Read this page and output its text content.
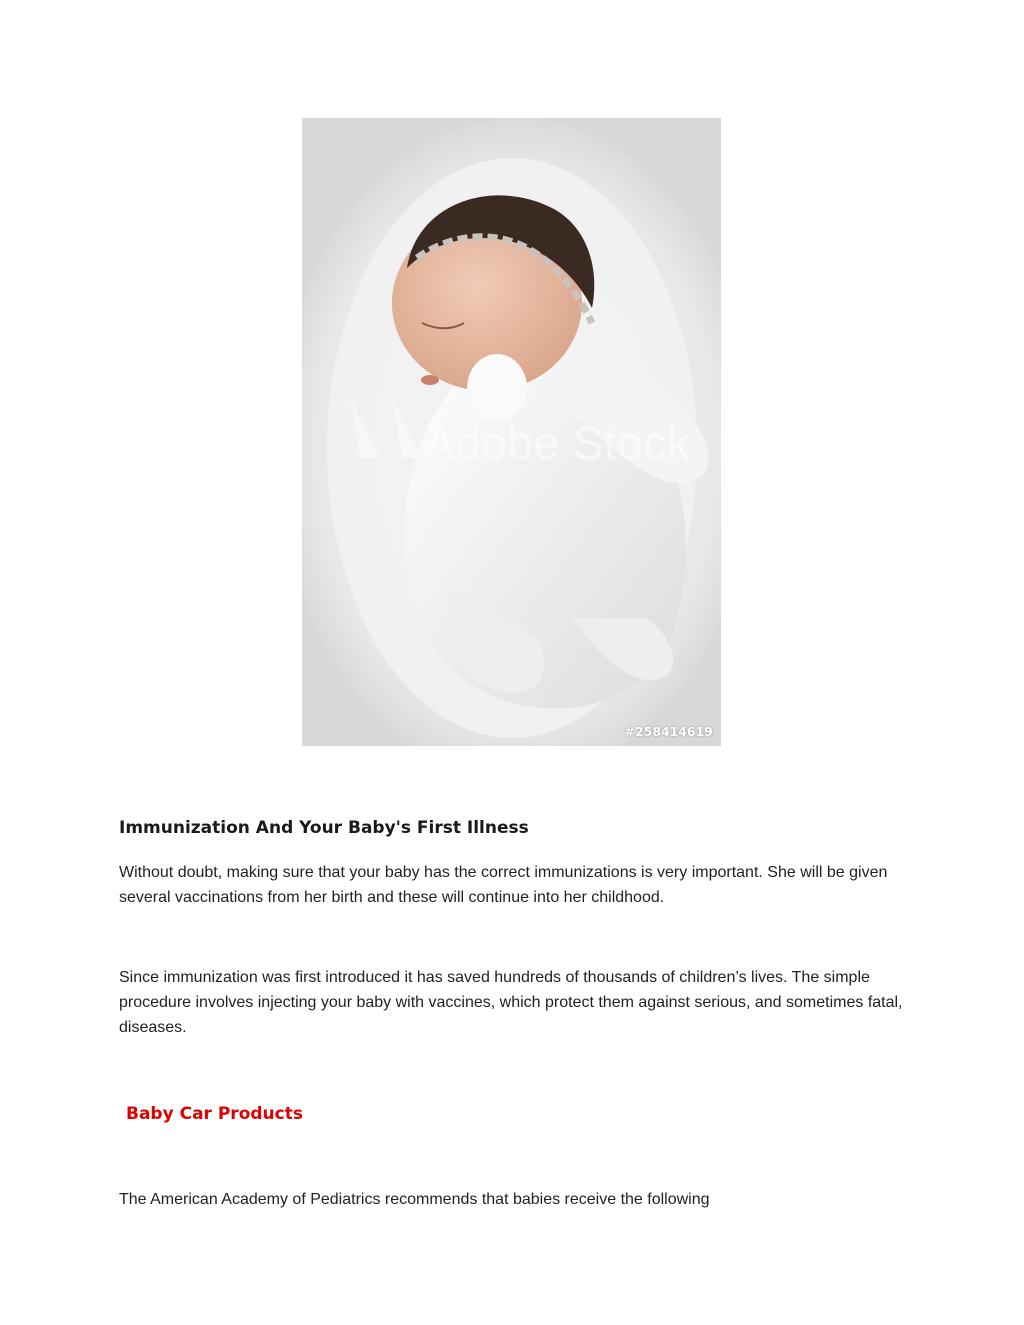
Adobe Stock
#258414619
Immunization And Your Baby's First Illness

Without doubt, making sure that your baby has the correct immunizations is very important. She will be given several vaccinations from her birth and these will continue into her childhood.

Since immunization was first introduced it has saved hundreds of thousands of children’s lives. The simple procedure involves injecting your baby with vaccines, which protect them against serious, and sometimes fatal, diseases.

Baby Car Products

The American Academy of Pediatrics recommends that babies receive the following
